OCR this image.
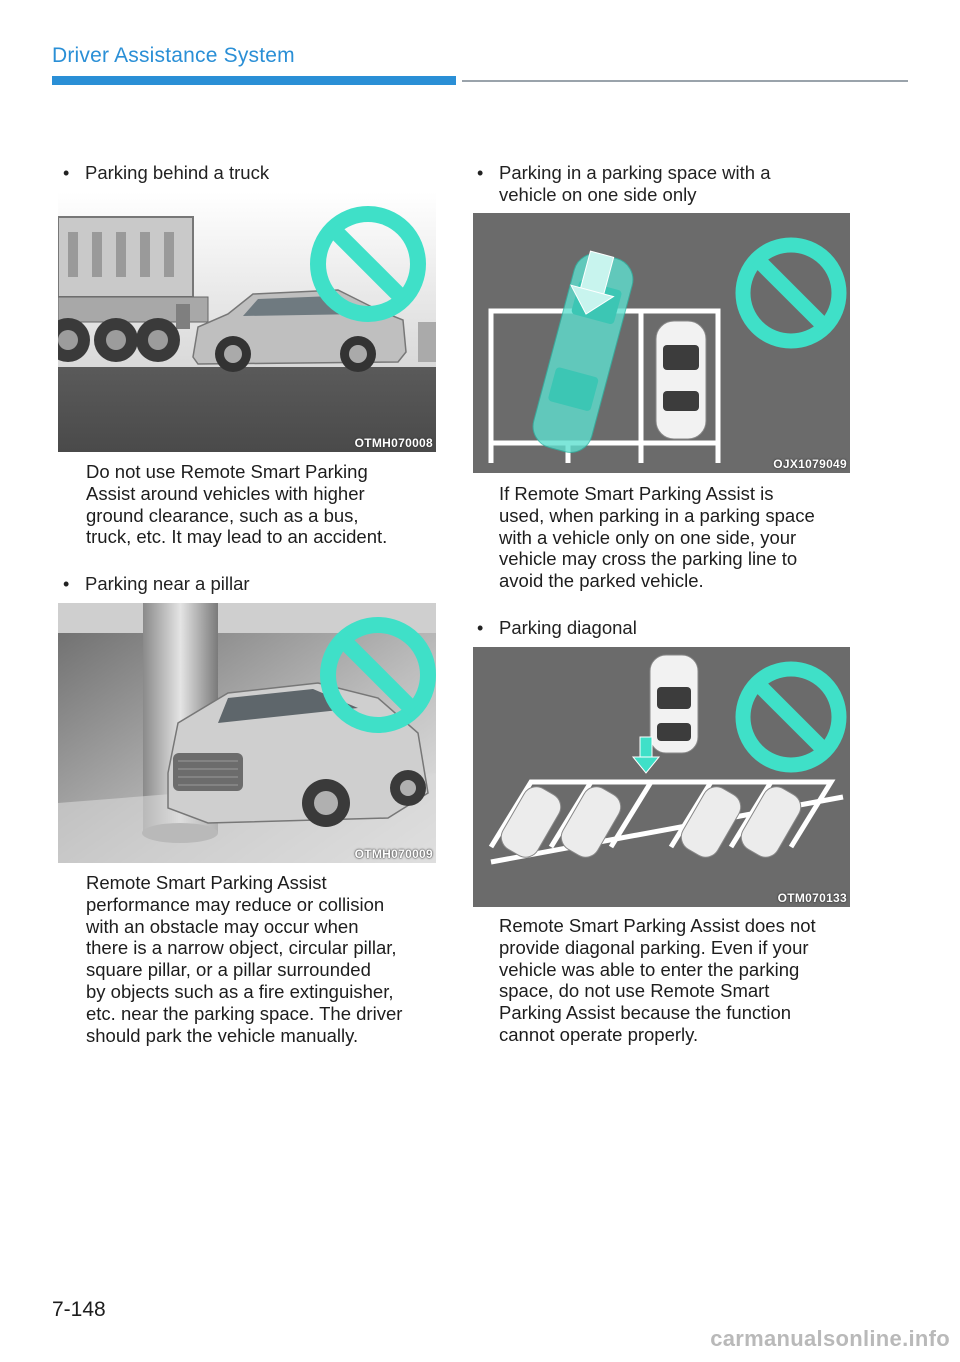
Driver Assistance System
• Parking behind a truck
OTMH070008
Do not use Remote Smart Parking
Assist around vehicles with higher
ground clearance, such as a bus,
truck, etc. It may lead to an accident.
• Parking near a pillar
OTMH070009
Remote Smart Parking Assist
performance may reduce or collision
with an obstacle may occur when
there is a narrow object, circular pillar,
square pillar, or a pillar surrounded
by objects such as a fire extinguisher,
etc. near the parking space. The driver
should park the vehicle manually.
• Parking in a parking space with a
vehicle on one side only
OJX1079049
If Remote Smart Parking Assist is
used, when parking in a parking space
with a vehicle only on one side, your
vehicle may cross the parking line to
avoid the parked vehicle.
• Parking diagonal
OTM070133
Remote Smart Parking Assist does not
provide diagonal parking. Even if your
vehicle was able to enter the parking
space, do not use Remote Smart
Parking Assist because the function
cannot operate properly.
7-148
carmanualsonline.info
